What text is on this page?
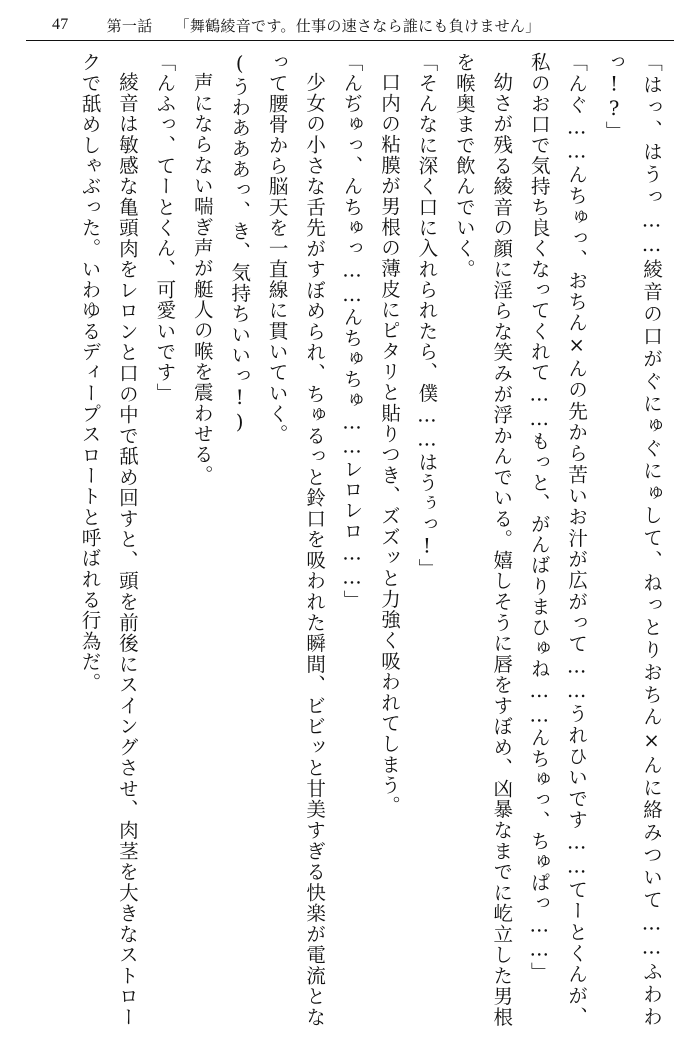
47	第一話 「舞鶴綾音です。仕事の速さなら誰にも負けません」

「はっ、はうっ……綾音の口がぐにゅぐにゅして、ねっとりおちん×んに絡みついて……ふわわっ!?」

「んぐ……んちゅっ、おちん×んの先から苦いお汁が広がって……うれひいです……てーとくんが、私のお口で気持ち良くなってくれて……もっと、がんばりまひゅね……んちゅっ、ちゅぱっ……」

幼さが残る綾音の顔に淫らな笑みが浮かんでいる。嬉しそうに唇をすぼめ、凶暴なまでに屹立した男根を喉奥まで飲んでいく。

「そんなに深く口に入れられたら、僕……はうぅっ!」

口内の粘膜が男根の薄皮にピタリと貼りつき、ズズッと力強く吸われてしまう。

「んぢゅっ、んちゅっ……んちゅちゅ……レロレロ……」

少女の小さな舌先がすぼめられ、ちゅるっと鈴口を吸われた瞬間、ビビッと甘美すぎる快楽が電流となって腰骨から脳天を一直線に貫いていく。

(うわあああっ、き、気持ちいいっ!)

声にならない喘ぎ声が艇人の喉を震わせる。

「んふっ、てーとくん、可愛いです」

綾音は敏感な亀頭肉をレロンと口の中で舐め回すと、頭を前後にスイングさせ、肉茎を大きなストロークで舐めしゃぶった。いわゆるディープスロートと呼ばれる行為だ。
